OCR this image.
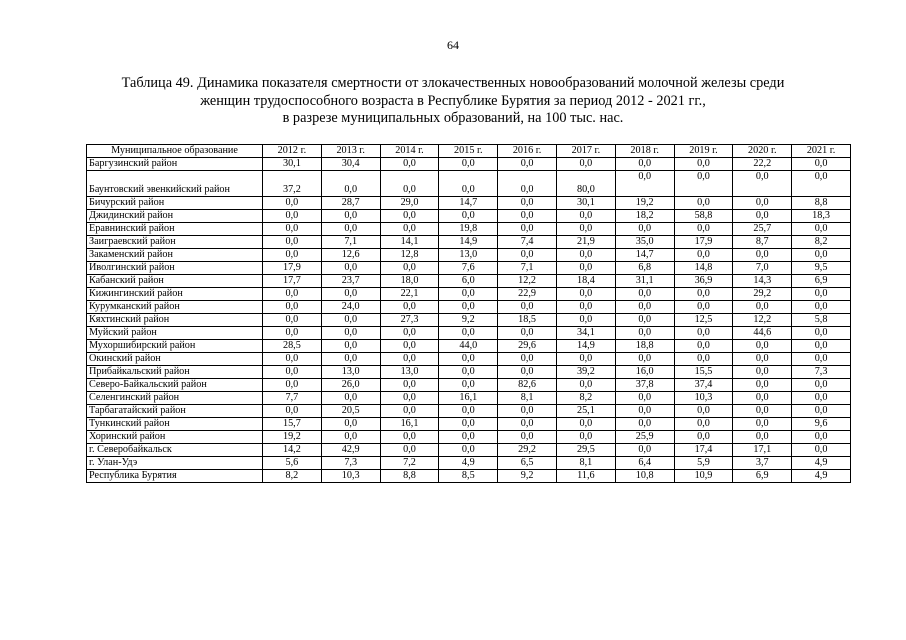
64
Таблица 49. Динамика показателя смертности от злокачественных новообразований молочной железы среди
женщин трудоспособного возраста в Республике Бурятия за период 2012 - 2021 гг.,
в разрезе муниципальных образований, на 100 тыс. нас.
Муниципальное образование	2012 г.	2013 г.	2014 г.	2015 г.	2016 г.	2017 г.	2018 г.	2019 г.	2020 г.	2021 г.
Баргузинский район	30,1	30,4	0,0	0,0	0,0	0,0	0,0	0,0	22,2	0,0
Баунтовский эвенкийский район	37,2	0,0	0,0	0,0	0,0	80,0	0,0	0,0	0,0	0,0
Бичурский район	0,0	28,7	29,0	14,7	0,0	30,1	19,2	0,0	0,0	8,8
Джидинский район	0,0	0,0	0,0	0,0	0,0	0,0	18,2	58,8	0,0	18,3
Еравнинский район	0,0	0,0	0,0	19,8	0,0	0,0	0,0	0,0	25,7	0,0
Заиграевский район	0,0	7,1	14,1	14,9	7,4	21,9	35,0	17,9	8,7	8,2
Закаменский район	0,0	12,6	12,8	13,0	0,0	0,0	14,7	0,0	0,0	0,0
Иволгинский район	17,9	0,0	0,0	7,6	7,1	0,0	6,8	14,8	7,0	9,5
Кабанский район	17,7	23,7	18,0	6,0	12,2	18,4	31,1	36,9	14,3	6,9
Кижингинский район	0,0	0,0	22,1	0,0	22,9	0,0	0,0	0,0	29,2	0,0
Курумканский район	0,0	24,0	0,0	0,0	0,0	0,0	0,0	0,0	0,0	0,0
Кяхтинский район	0,0	0,0	27,3	9,2	18,5	0,0	0,0	12,5	12,2	5,8
Муйский район	0,0	0,0	0,0	0,0	0,0	34,1	0,0	0,0	44,6	0,0
Мухоршибирский район	28,5	0,0	0,0	44,0	29,6	14,9	18,8	0,0	0,0	0,0
Окинский район	0,0	0,0	0,0	0,0	0,0	0,0	0,0	0,0	0,0	0,0
Прибайкальский район	0,0	13,0	13,0	0,0	0,0	39,2	16,0	15,5	0,0	7,3
Северо-Байкальский район	0,0	26,0	0,0	0,0	82,6	0,0	37,8	37,4	0,0	0,0
Селенгинский район	7,7	0,0	0,0	16,1	8,1	8,2	0,0	10,3	0,0	0,0
Тарбагатайский район	0,0	20,5	0,0	0,0	0,0	25,1	0,0	0,0	0,0	0,0
Тункинский район	15,7	0,0	16,1	0,0	0,0	0,0	0,0	0,0	0,0	9,6
Хоринский район	19,2	0,0	0,0	0,0	0,0	0,0	25,9	0,0	0,0	0,0
г. Северобайкальск	14,2	42,9	0,0	0,0	29,2	29,5	0,0	17,4	17,1	0,0
г. Улан-Удэ	5,6	7,3	7,2	4,9	6,5	8,1	6,4	5,9	3,7	4,9
Республика Бурятия	8,2	10,3	8,8	8,5	9,2	11,6	10,8	10,9	6,9	4,9
